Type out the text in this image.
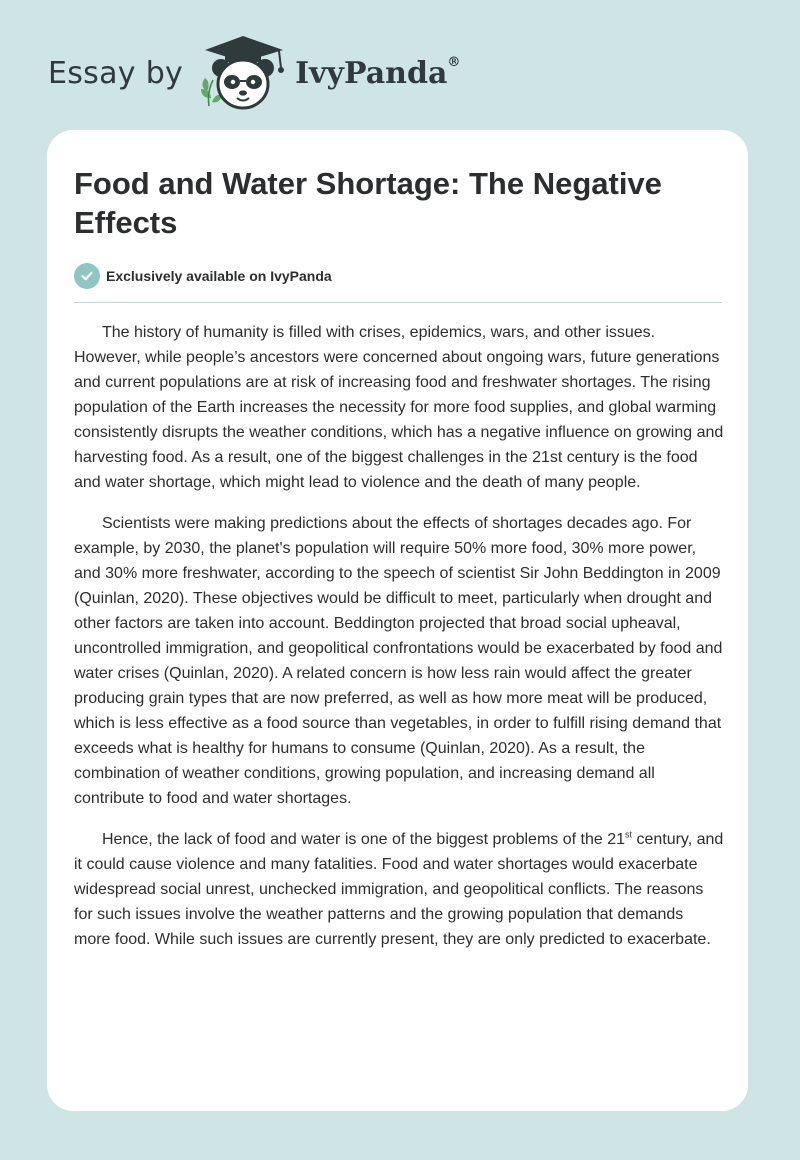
Essay by	IvyPanda®
Food and Water Shortage: The Negative Effects
Exclusively available on IvyPanda

The history of humanity is filled with crises, epidemics, wars, and other issues. However, while people’s ancestors were concerned about ongoing wars, future generations and current populations are at risk of increasing food and freshwater shortages. The rising population of the Earth increases the necessity for more food supplies, and global warming consistently disrupts the weather conditions, which has a negative influence on growing and harvesting food. As a result, one of the biggest challenges in the 21st century is the food and water shortage, which might lead to violence and the death of many people.

Scientists were making predictions about the effects of shortages decades ago. For example, by 2030, the planet's population will require 50% more food, 30% more power, and 30% more freshwater, according to the speech of scientist Sir John Beddington in 2009 (Quinlan, 2020). These objectives would be difficult to meet, particularly when drought and other factors are taken into account. Beddington projected that broad social upheaval, uncontrolled immigration, and geopolitical confrontations would be exacerbated by food and water crises (Quinlan, 2020). A related concern is how less rain would affect the greater producing grain types that are now preferred, as well as how more meat will be produced, which is less effective as a food source than vegetables, in order to fulfill rising demand that exceeds what is healthy for humans to consume (Quinlan, 2020). As a result, the combination of weather conditions, growing population, and increasing demand all contribute to food and water shortages.

Hence, the lack of food and water is one of the biggest problems of the 21st century, and it could cause violence and many fatalities. Food and water shortages would exacerbate widespread social unrest, unchecked immigration, and geopolitical conflicts. The reasons for such issues involve the weather patterns and the growing population that demands more food. While such issues are currently present, they are only predicted to exacerbate.
